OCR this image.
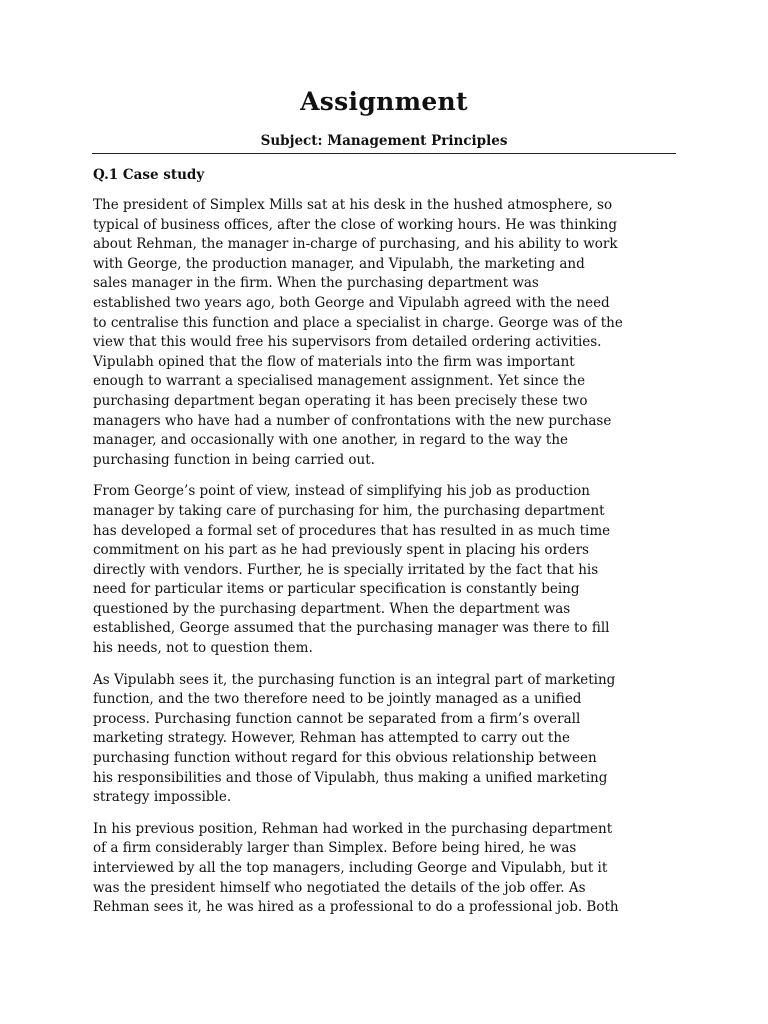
Assignment
Subject: Management Principles
Q.1 Case study

The president of Simplex Mills sat at his desk in the hushed atmosphere, so
typical of business offices, after the close of working hours. He was thinking
about Rehman, the manager in-charge of purchasing, and his ability to work
with George, the production manager, and Vipulabh, the marketing and
sales manager in the firm. When the purchasing department was
established two years ago, both George and Vipulabh agreed with the need
to centralise this function and place a specialist in charge. George was of the
view that this would free his supervisors from detailed ordering activities.
Vipulabh opined that the flow of materials into the firm was important
enough to warrant a specialised management assignment. Yet since the
purchasing department began operating it has been precisely these two
managers who have had a number of confrontations with the new purchase
manager, and occasionally with one another, in regard to the way the
purchasing function in being carried out.

From George’s point of view, instead of simplifying his job as production
manager by taking care of purchasing for him, the purchasing department
has developed a formal set of procedures that has resulted in as much time
commitment on his part as he had previously spent in placing his orders
directly with vendors. Further, he is specially irritated by the fact that his
need for particular items or particular specification is constantly being
questioned by the purchasing department. When the department was
established, George assumed that the purchasing manager was there to fill
his needs, not to question them.

As Vipulabh sees it, the purchasing function is an integral part of marketing
function, and the two therefore need to be jointly managed as a unified
process. Purchasing function cannot be separated from a firm’s overall
marketing strategy. However, Rehman has attempted to carry out the
purchasing function without regard for this obvious relationship between
his responsibilities and those of Vipulabh, thus making a unified marketing
strategy impossible.

In his previous position, Rehman had worked in the purchasing department
of a firm considerably larger than Simplex. Before being hired, he was
interviewed by all the top managers, including George and Vipulabh, but it
was the president himself who negotiated the details of the job offer. As
Rehman sees it, he was hired as a professional to do a professional job. Both
